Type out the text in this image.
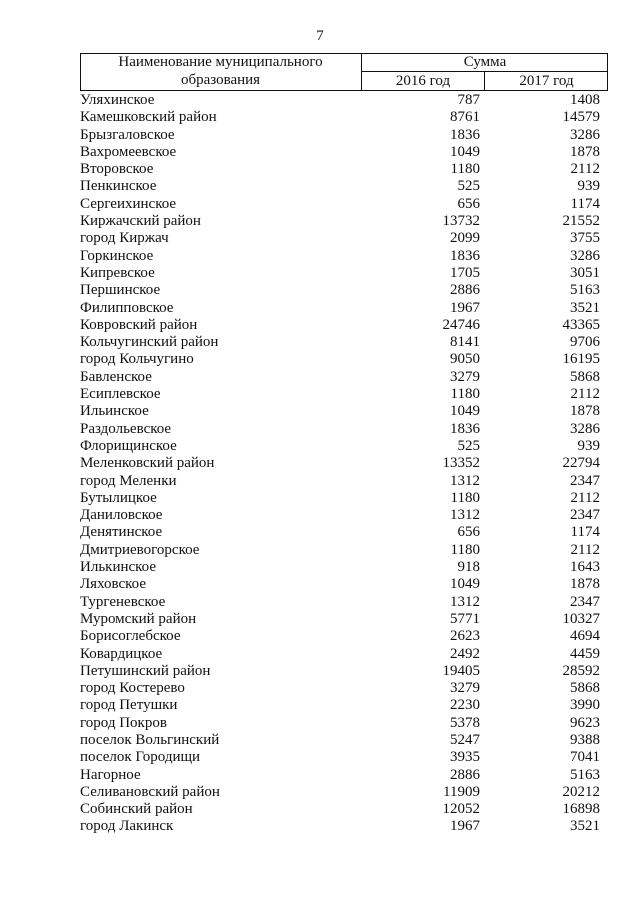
7
Наименование муниципального
образования
Сумма
2016 год	2017 год
Уляхинское	787	1408
Камешковский район	8761	14579
Брызгаловское	1836	3286
Вахромеевское	1049	1878
Второвское	1180	2112
Пенкинское	525	939
Сергеихинское	656	1174
Киржачский район	13732	21552
город Киржач	2099	3755
Горкинское	1836	3286
Кипревское	1705	3051
Першинское	2886	5163
Филипповское	1967	3521
Ковровский район	24746	43365
Кольчугинский район	8141	9706
город Кольчугино	9050	16195
Бавленское	3279	5868
Есиплевское	1180	2112
Ильинское	1049	1878
Раздольевское	1836	3286
Флорищинское	525	939
Меленковский район	13352	22794
город Меленки	1312	2347
Бутылицкое	1180	2112
Даниловское	1312	2347
Денятинское	656	1174
Дмитриевогорское	1180	2112
Илькинское	918	1643
Ляховское	1049	1878
Тургеневское	1312	2347
Муромский район	5771	10327
Борисоглебское	2623	4694
Ковардицкое	2492	4459
Петушинский район	19405	28592
город Костерево	3279	5868
город Петушки	2230	3990
город Покров	5378	9623
поселок Вольгинский	5247	9388
поселок Городищи	3935	7041
Нагорное	2886	5163
Селивановский район	11909	20212
Собинский район	12052	16898
город Лакинск	1967	3521
